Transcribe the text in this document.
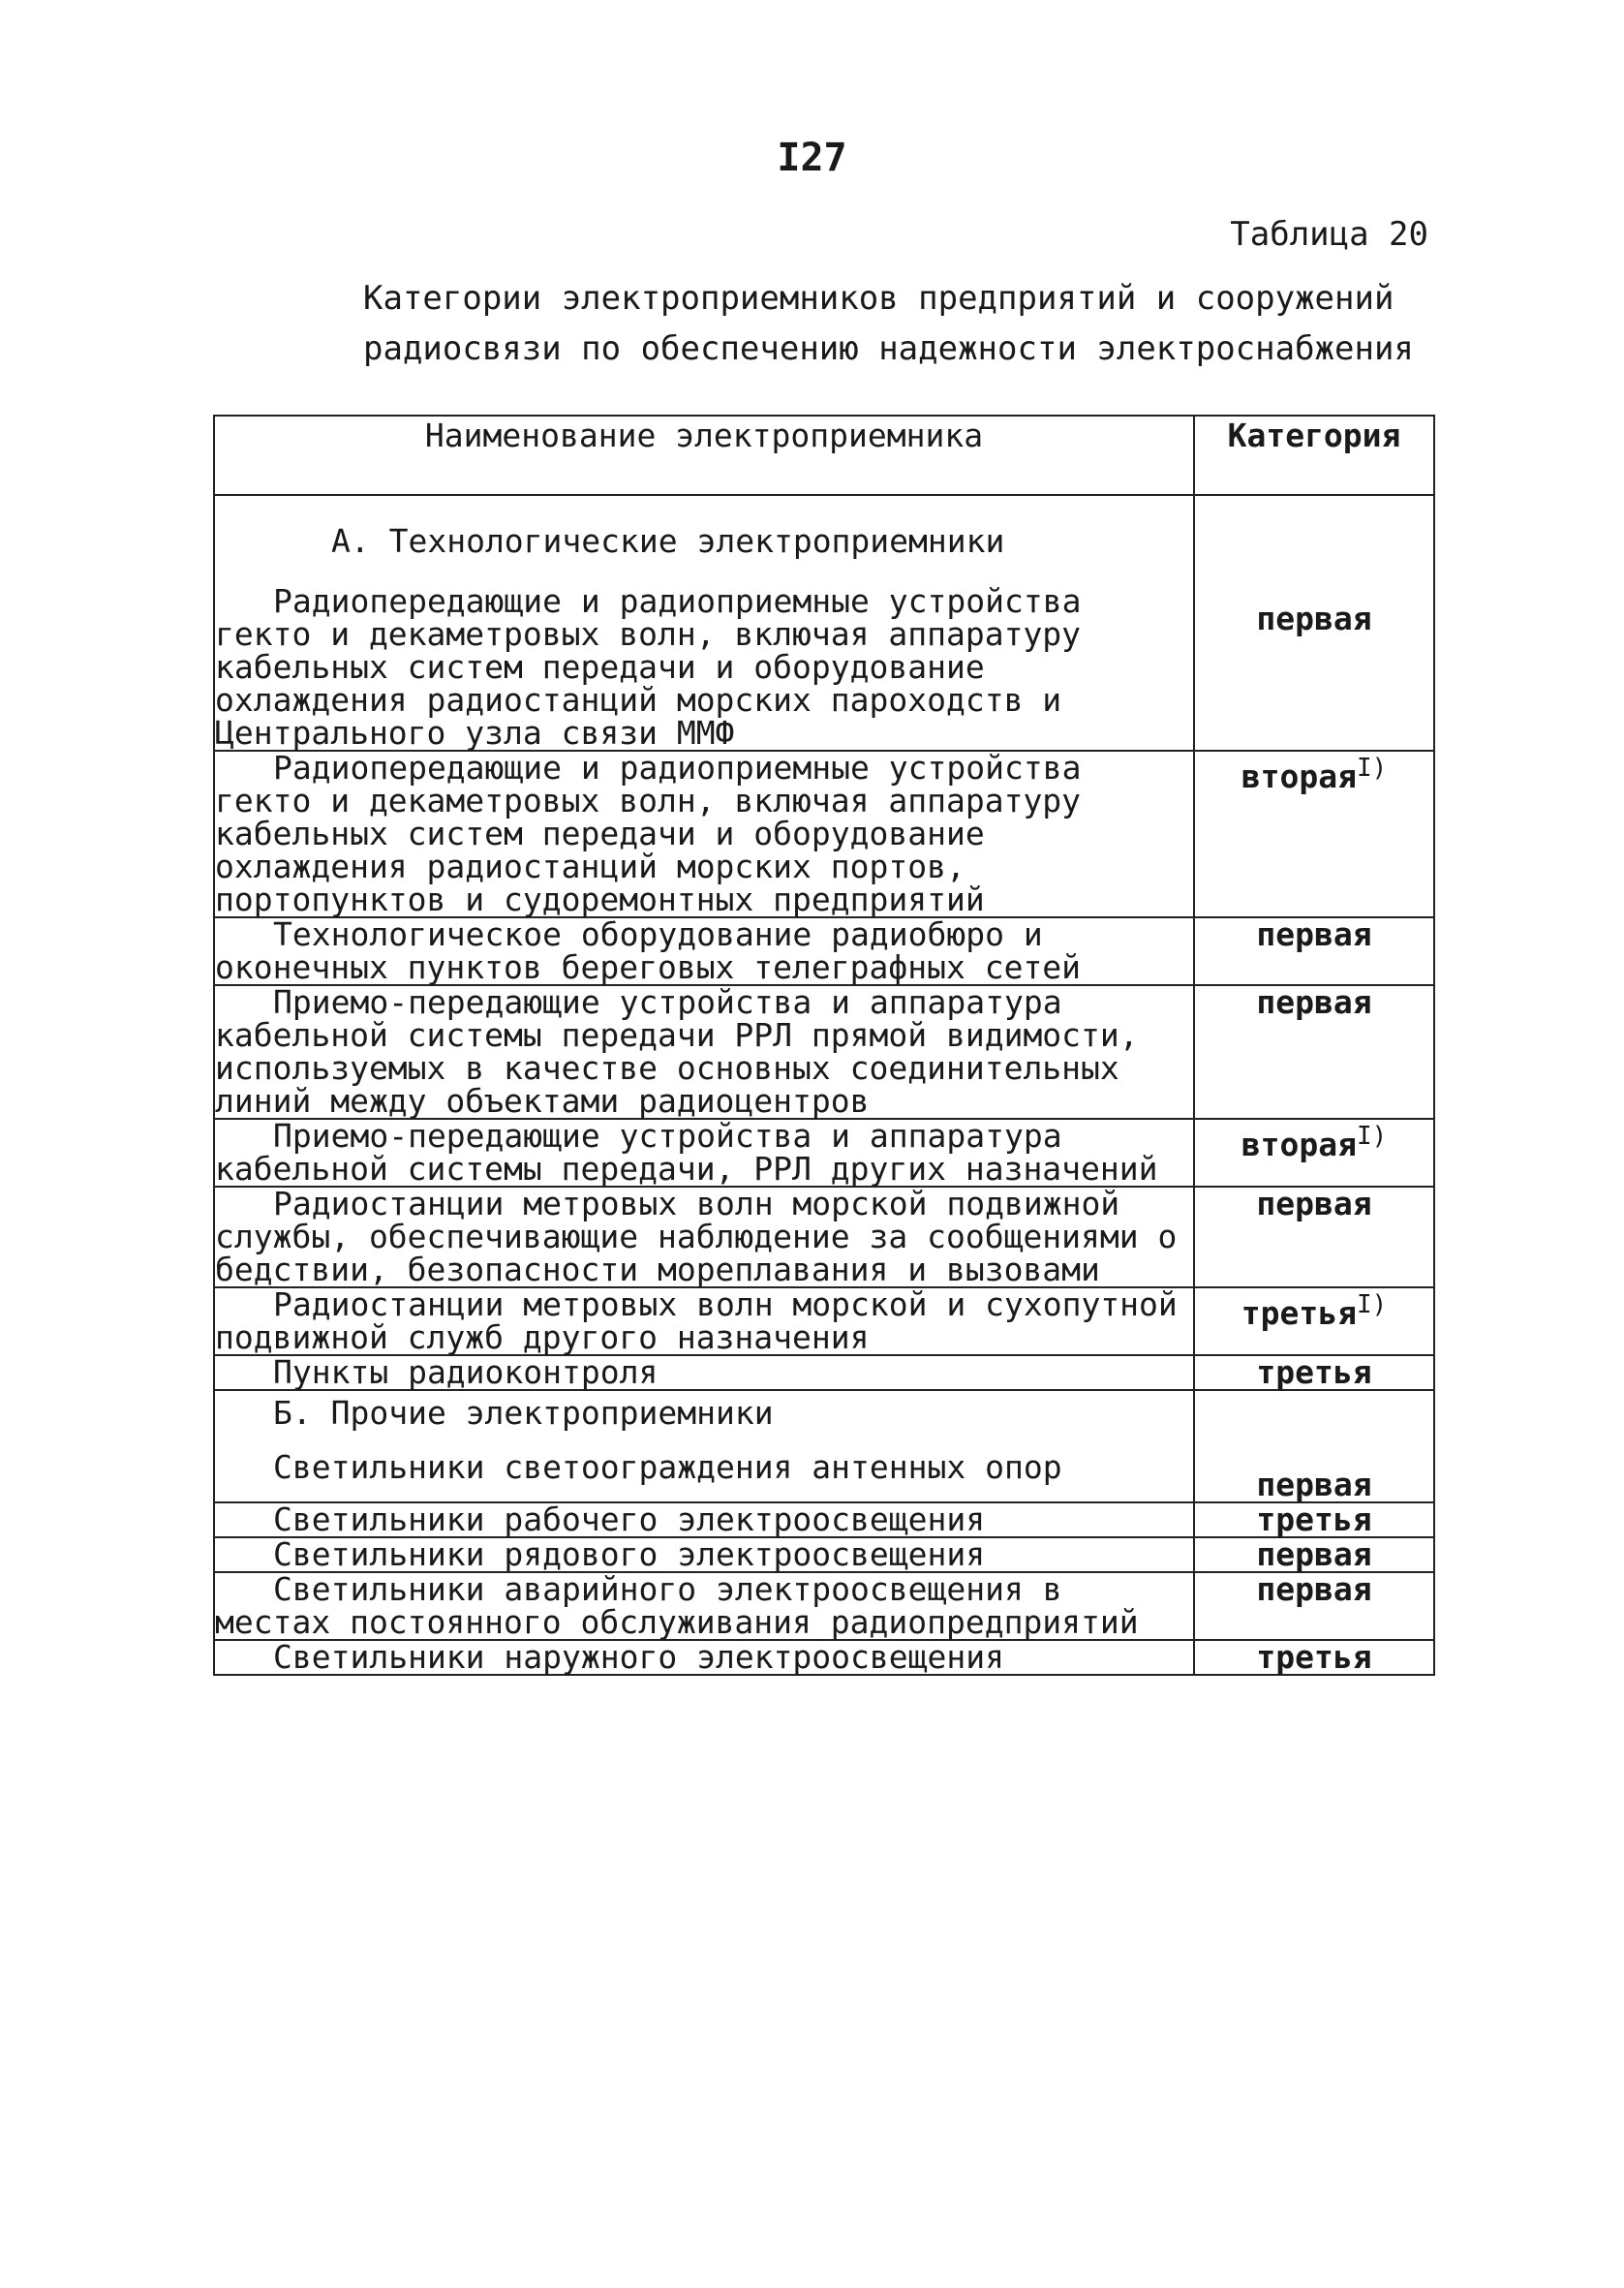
I27
Таблица 20
Категории электроприемников предприятий и сооружений
радиосвязи по обеспечению надежности электроснабжения
Наименование электроприемника	Категория

А. Технологические электроприемники
Радиопередающие и радиоприемные устройства гекто и декаметровых волн, включая аппаратуру кабельных систем передачи и оборудование охлаждения радиостанций морских пароходств и Центрального узла связи ММФ	первая

Радиопередающие и радиоприемные устройства гекто и декаметровых волн, включая аппаратуру кабельных систем передачи и оборудование охлаждения радиостанций морских портов, портопунктов и судоремонтных предприятий	вторая$^{I)}$

Технологическое оборудование радиобюро и оконечных пунктов береговых телеграфных сетей	первая

Приемо-передающие устройства и аппаратура кабельной системы передачи РРЛ прямой видимости, используемых в качестве основных соединительных линий между объектами радиоцентров	первая

Приемо-передающие устройства и аппаратура кабельной системы передачи, РРЛ других назначений	вторая$^{I)}$

Радиостанции метровых волн морской подвижной службы, обеспечивающие наблюдение за сообщениями о бедствии, безопасности мореплавания и вызовами	первая

Радиостанции метровых волн морской и сухопутной подвижной служб другого назначения	третья$^{I)}$

Пункты радиоконтроля	третья

Б. Прочие электроприемники
Светильники светоограждения антенных опор	первая

Светильники рабочего электроосвещения	третья

Светильники рядового электроосвещения	первая

Светильники аварийного электроосвещения в местах постоянного обслуживания радиопредприятий	первая

Светильники наружного электроосвещения	третья
